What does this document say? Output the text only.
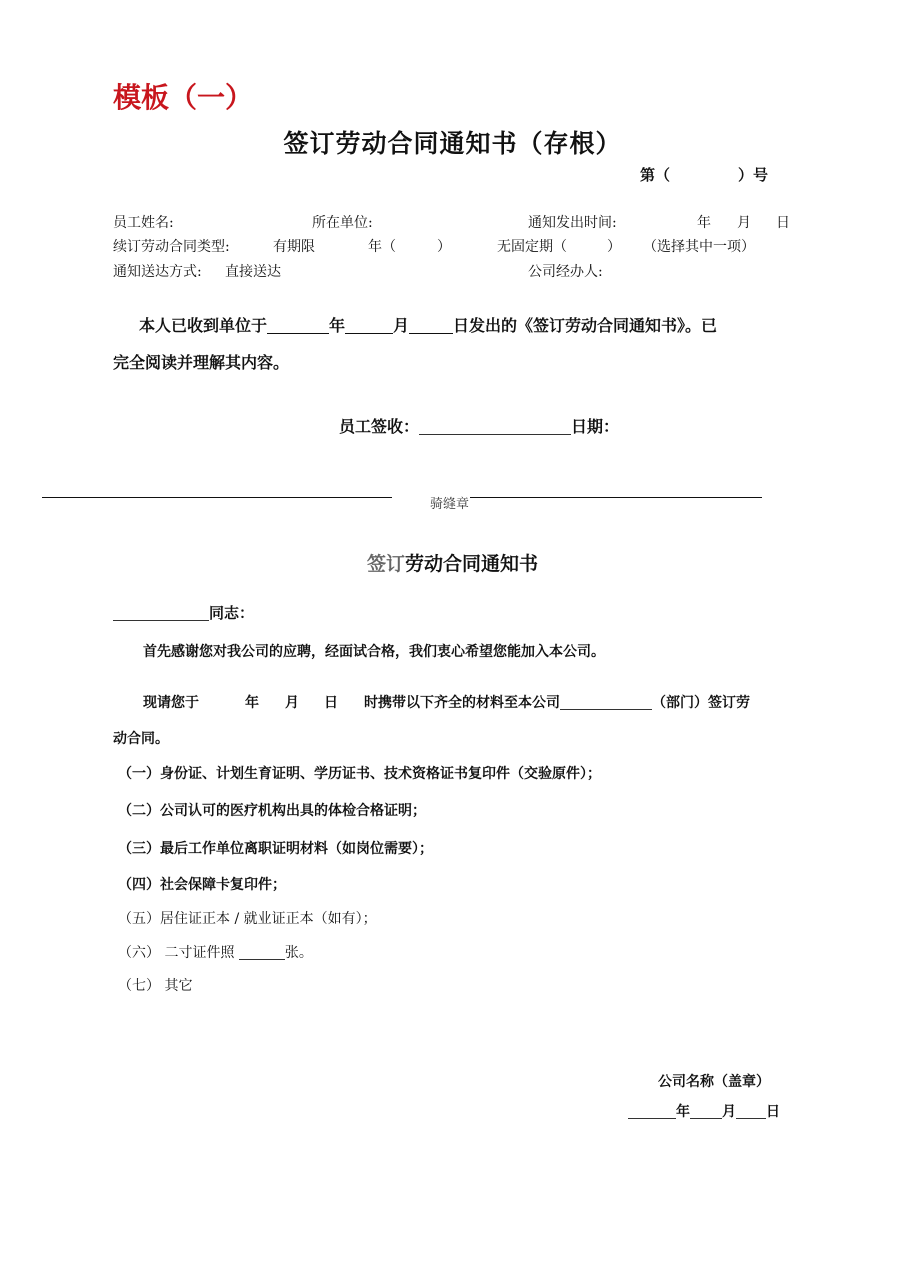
模板（一）
签订劳动合同通知书（存根）
第（	）号
员工姓名:	所在单位:	通知发出时间:	年 月 日
续订劳动合同类型:	有期限	年（	）	无固定期（	） （选择其中一项）
通知送达方式: 直接送达	公司经办人:
本人已收到单位于	年	月	日发出的《签订劳动合同通知书》。已
完全阅读并理解其内容。
员工签收：	日期：
骑缝章
签订劳动合同通知书
同志：
首先感谢您对我公司的应聘，经面试合格，我们衷心希望您能加入本公司。
现请您于	年 月 日 时携带以下齐全的材料至本公司	（部门）签订劳
动合同。
（一）身份证、计划生育证明、学历证书、技术资格证书复印件（交验原件）；
（二）公司认可的医疗机构出具的体检合格证明；
（三）最后工作单位离职证明材料（如岗位需要）；
（四）社会保障卡复印件；
（五）居住证正本 / 就业证正本（如有）；
（六） 二寸证件照	张。
（七） 其它
公司名称（盖章）
年 月 日
